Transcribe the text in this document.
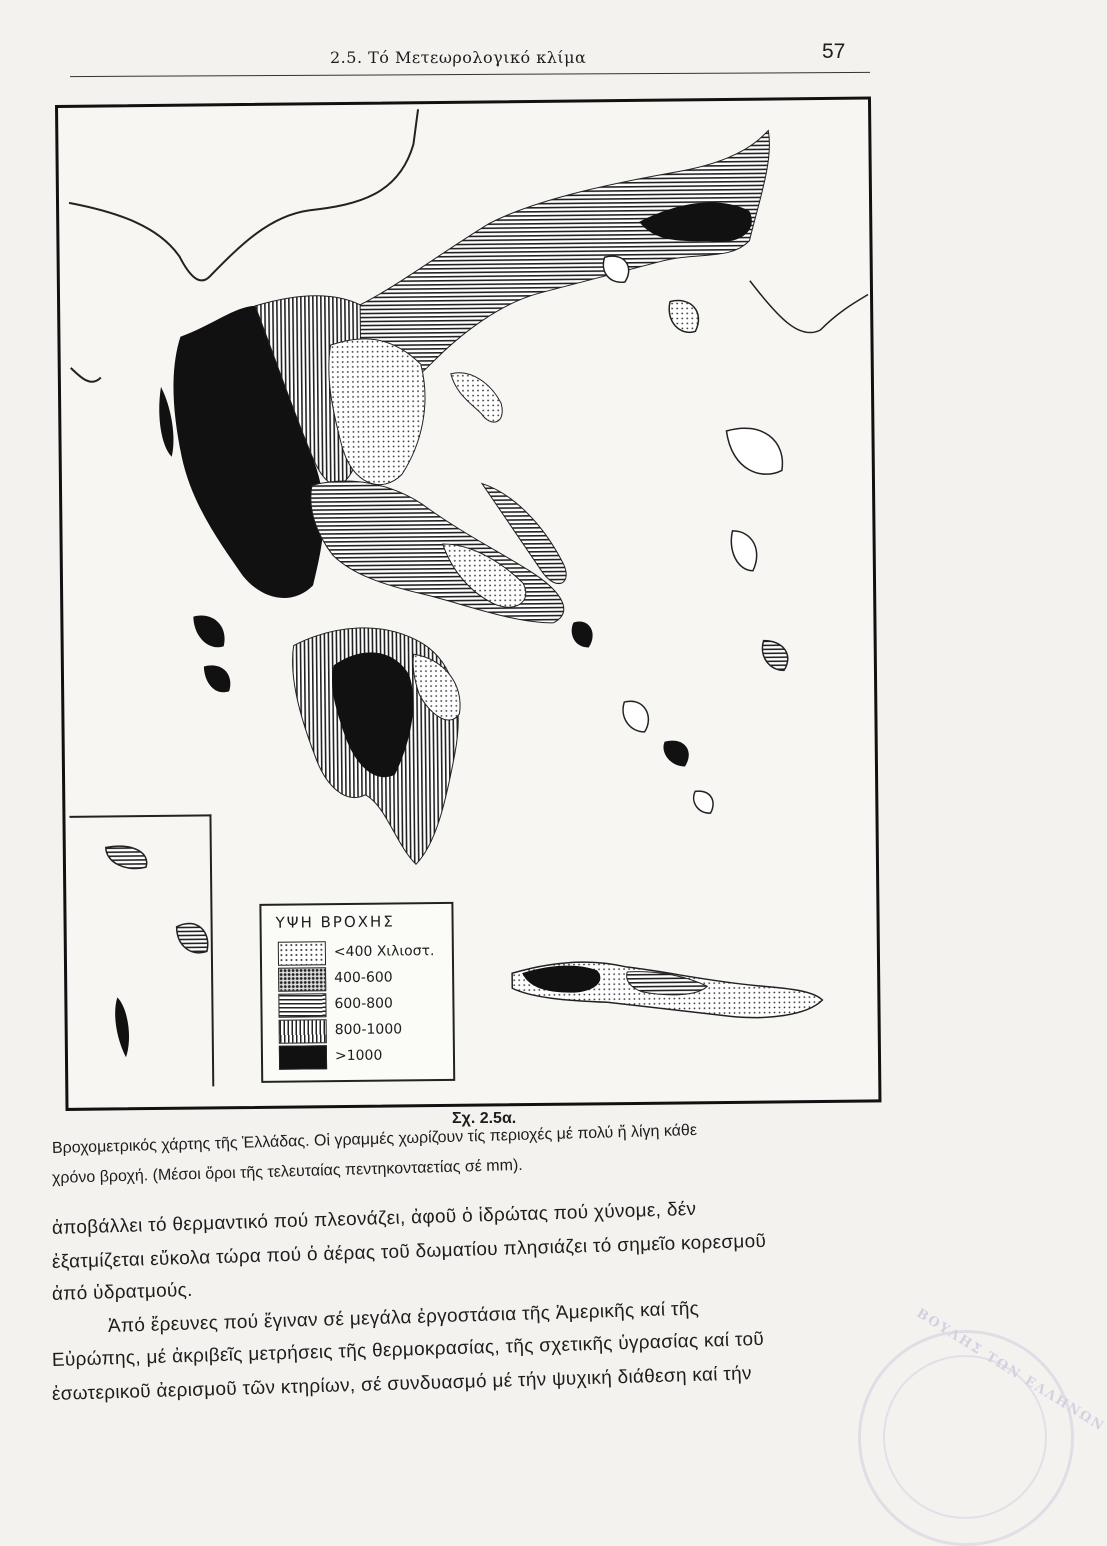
2.5. Τό Μετεωρολογικό κλίμα	57
ΥΨΗ ΒΡΟΧΗΣ
<400 Χιλιοστ.
400-600
600-800
800-1000
>1000
Σχ. 2.5α.
Βροχομετρικός χάρτης τῆς Ἑλλάδας. Οἱ γραμμές χωρίζουν τίς περιοχές μέ πολύ ἤ λίγη κάθε
χρόνο βροχή. (Μέσοι ὅροι τῆς τελευταίας πεντηκονταετίας σέ mm).
ἀποβάλλει τό θερμαντικό πού πλεονάζει, ἀφοῦ ὁ ἱδρώτας πού χύνομε, δέν
ἐξατμίζεται εὔκολα τώρα πού ὁ ἀέρας τοῦ δωματίου πλησιάζει τό σημεῖο κορεσμοῦ
ἀπό ὑδρατμούς.
Ἀπό ἔρευνες πού ἔγιναν σέ μεγάλα ἐργοστάσια τῆς Ἀμερικῆς καί τῆς
Εὐρώπης, μέ ἀκριβεῖς μετρήσεις τῆς θερμοκρασίας, τῆς σχετικῆς ὑγρασίας καί τοῦ
ἐσωτερικοῦ ἀερισμοῦ τῶν κτηρίων, σέ συνδυασμό μέ τήν ψυχική διάθεση καί τήν	ΒΟΥΛΗΣ ΤΩΝ ΕΛΛΗΝΩΝ
